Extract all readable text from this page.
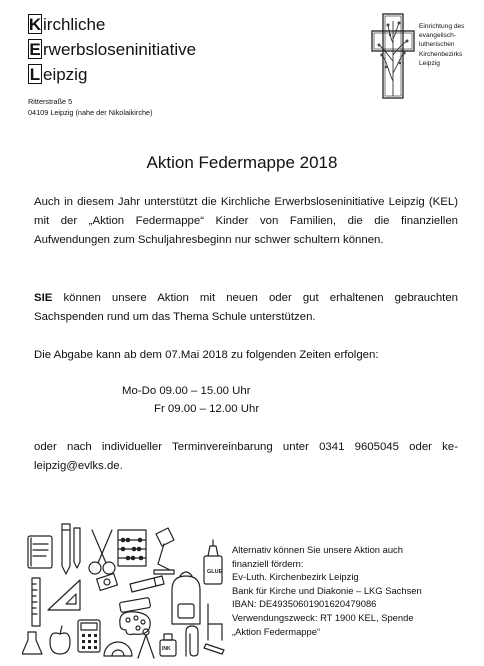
K irchliche
E rwerbsloseninitiative
L eipzig
Ritterstraße 5
04109 Leipzig (nahe der Nikolaikirche)
Einrichtung des
evangelisch-
lutherischen
Kirchenbezirks
Leipzig
Aktion Federmappe 2018
Auch in diesem Jahr unterstützt die Kirchliche Erwerbsloseninitiative Leipzig (KEL) mit der „Aktion Federmappe“ Kinder von Familien, die die finanziellen Aufwendungen zum Schuljahresbeginn nur schwer schultern können.
SIE können unsere Aktion mit neuen oder gut erhaltenen gebrauchten Sachspenden rund um das Thema Schule unterstützen.
Die Abgabe kann ab dem 07.Mai 2018 zu folgenden Zeiten erfolgen:
Mo-Do 09.00 – 15.00 Uhr
Fr 09.00 – 12.00 Uhr
oder nach individueller Terminvereinbarung unter 0341 9605045 oder ke-leipzig@evlks.de.
GLUE
INK
Alternativ können Sie unsere Aktion auch
finanziell fördern:
Ev-Luth. Kirchenbezirk Leipzig
Bank für Kirche und Diakonie – LKG Sachsen
IBAN: DE49350601901620479086
Verwendungszweck: RT 1900 KEL, Spende
„Aktion Federmappe“
